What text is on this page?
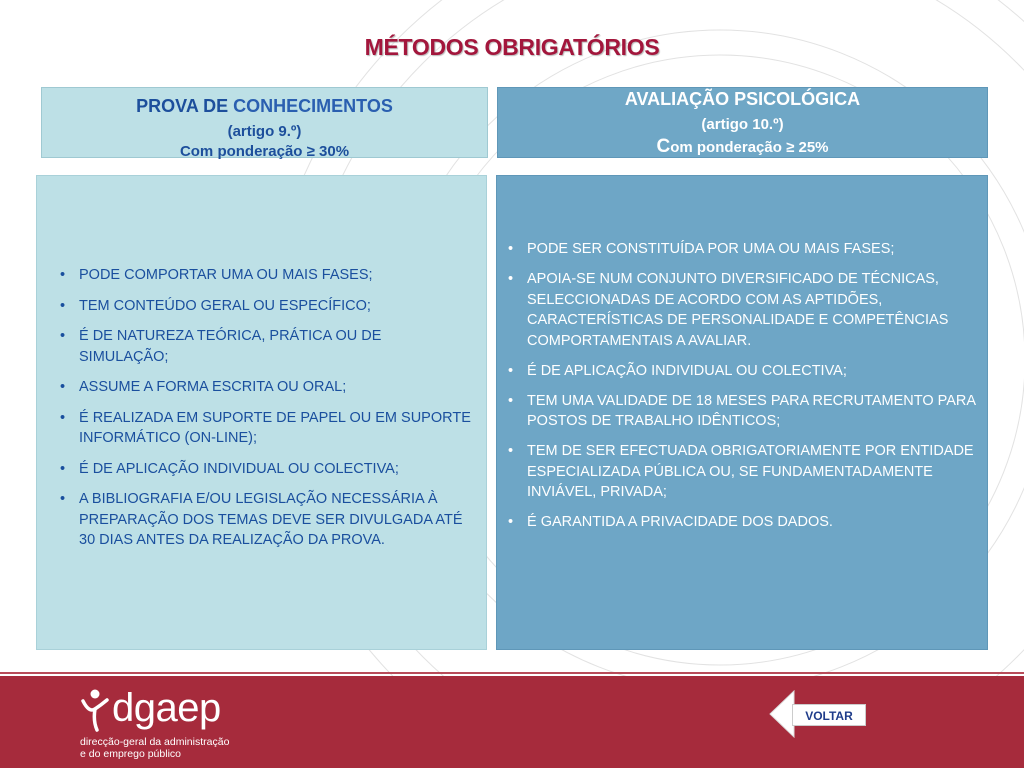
MÉTODOS OBRIGATÓRIOS
PROVA DE CONHECIMENTOS
(artigo 9.º)
Com ponderação ≥ 30%
AVALIAÇÃO PSICOLÓGICA
(artigo 10.º)
Com ponderação ≥ 25%
• PODE COMPORTAR UMA OU MAIS FASES;
• TEM CONTEÚDO GERAL OU ESPECÍFICO;
• É DE NATUREZA TEÓRICA, PRÁTICA OU DE SIMULAÇÃO;
• ASSUME A FORMA ESCRITA OU ORAL;
• É REALIZADA EM SUPORTE DE PAPEL OU EM SUPORTE INFORMÁTICO (ON-LINE);
• É DE APLICAÇÃO INDIVIDUAL OU COLECTIVA;
• A BIBLIOGRAFIA E/OU LEGISLAÇÃO NECESSÁRIA À PREPARAÇÃO DOS TEMAS DEVE SER DIVULGADA ATÉ 30 DIAS ANTES DA REALIZAÇÃO DA PROVA.
• PODE SER CONSTITUÍDA POR UMA OU MAIS FASES;
• APOIA-SE NUM CONJUNTO DIVERSIFICADO DE TÉCNICAS, SELECCIONADAS DE ACORDO COM AS APTIDÕES, CARACTERÍSTICAS DE PERSONALIDADE E COMPETÊNCIAS COMPORTAMENTAIS A AVALIAR.
• É DE APLICAÇÃO INDIVIDUAL OU COLECTIVA;
• TEM UMA VALIDADE DE 18 MESES PARA RECRUTAMENTO PARA POSTOS DE TRABALHO IDÊNTICOS;
• TEM DE SER EFECTUADA OBRIGATORIAMENTE POR ENTIDADE ESPECIALIZADA PÚBLICA OU, SE FUNDAMENTADAMENTE INVIÁVEL, PRIVADA;
• É GARANTIDA A PRIVACIDADE DOS DADOS.
dgaep
direcção-geral da administração
e do emprego público
VOLTAR
